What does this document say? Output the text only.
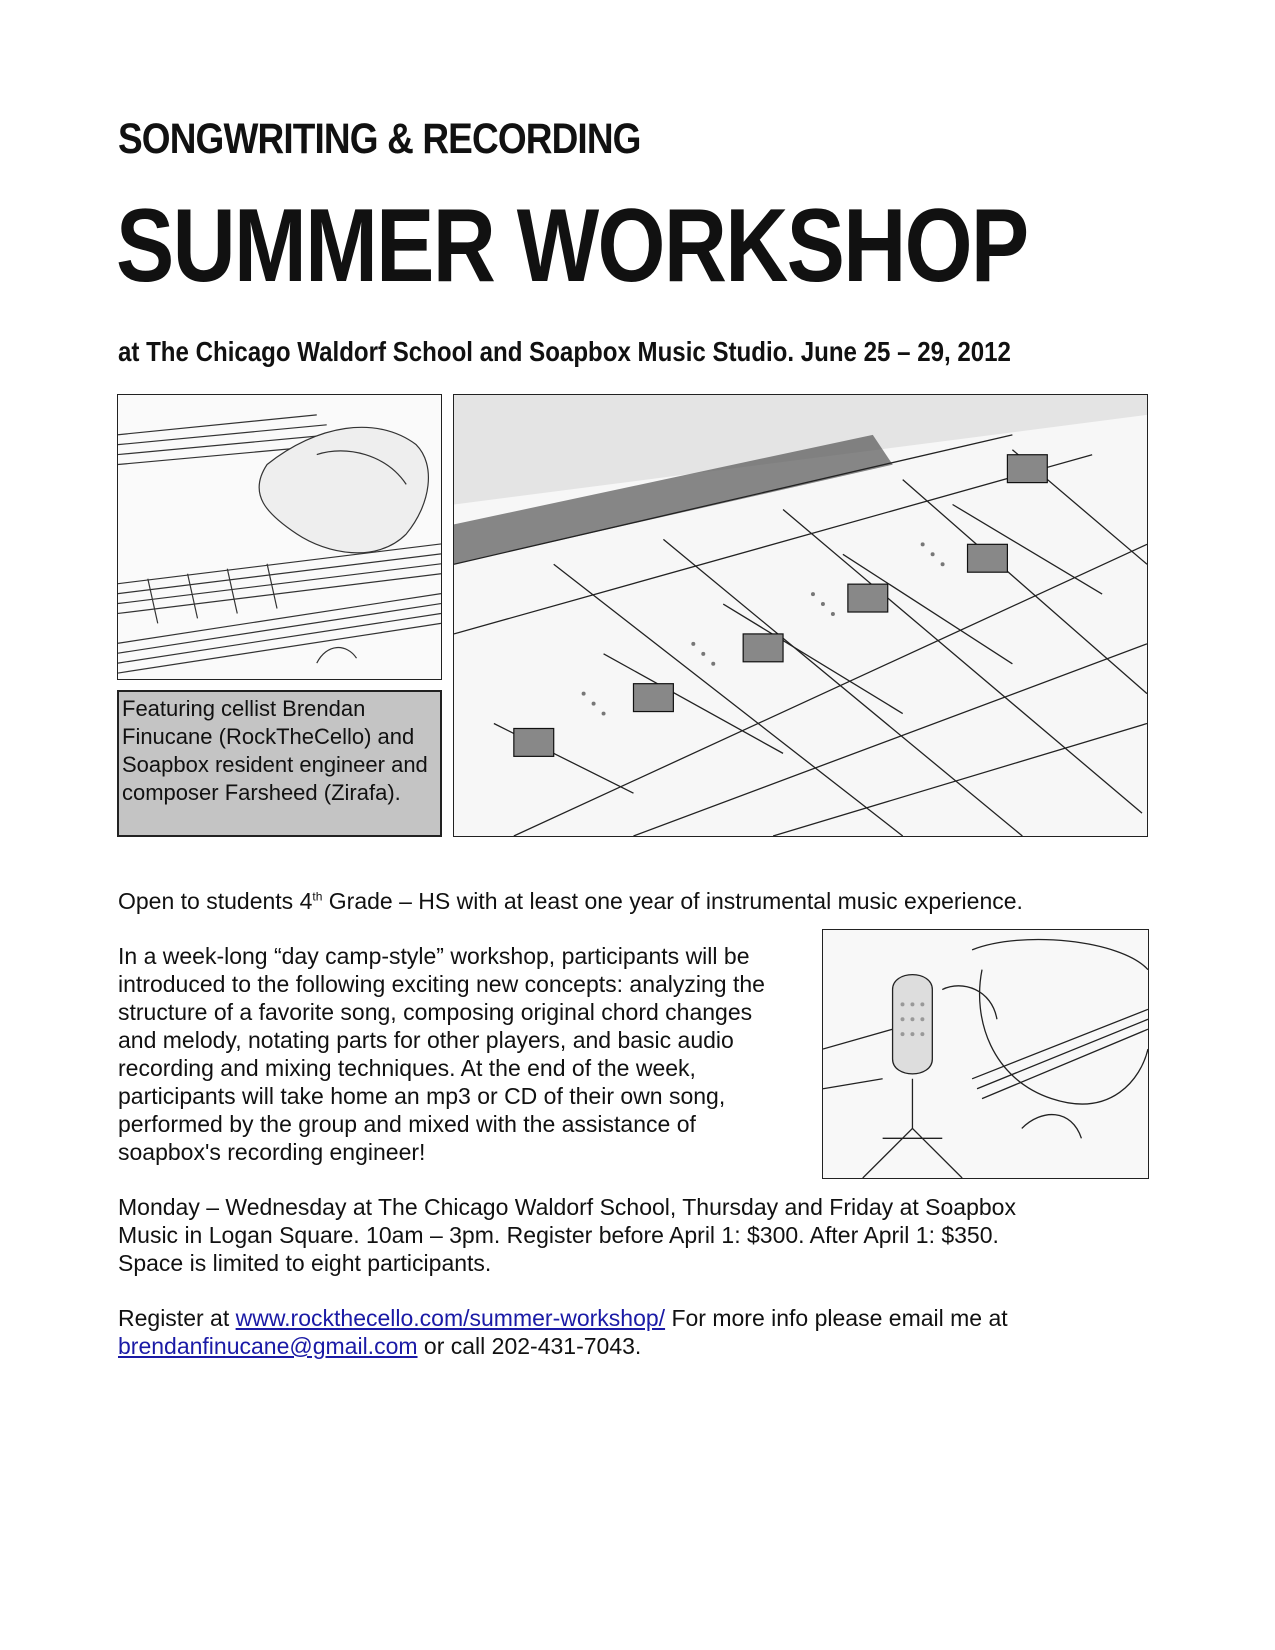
SONGWRITING & RECORDING
SUMMER WORKSHOP
at The Chicago Waldorf School and Soapbox Music Studio. June 25 – 29, 2012
Featuring cellist Brendan Finucane (RockTheCello) and Soapbox resident engineer and composer Farsheed (Zirafa).
Open to students 4th Grade – HS with at least one year of instrumental music experience.
In a week-long “day camp-style” workshop, participants will be
introduced to the following exciting new concepts: analyzing the
structure of a favorite song, composing original chord changes
and melody, notating parts for other players, and basic audio
recording and mixing techniques. At the end of the week,
participants will take home an mp3 or CD of their own song,
performed by the group and mixed with the assistance of
soapbox's recording engineer!
Monday – Wednesday at The Chicago Waldorf School, Thursday and Friday at Soapbox
Music in Logan Square. 10am – 3pm. Register before April 1: $300. After April 1: $350.
Space is limited to eight participants.
Register at www.rockthecello.com/summer-workshop/ For more info please email me at
brendanfinucane@gmail.com or call 202-431-7043.
